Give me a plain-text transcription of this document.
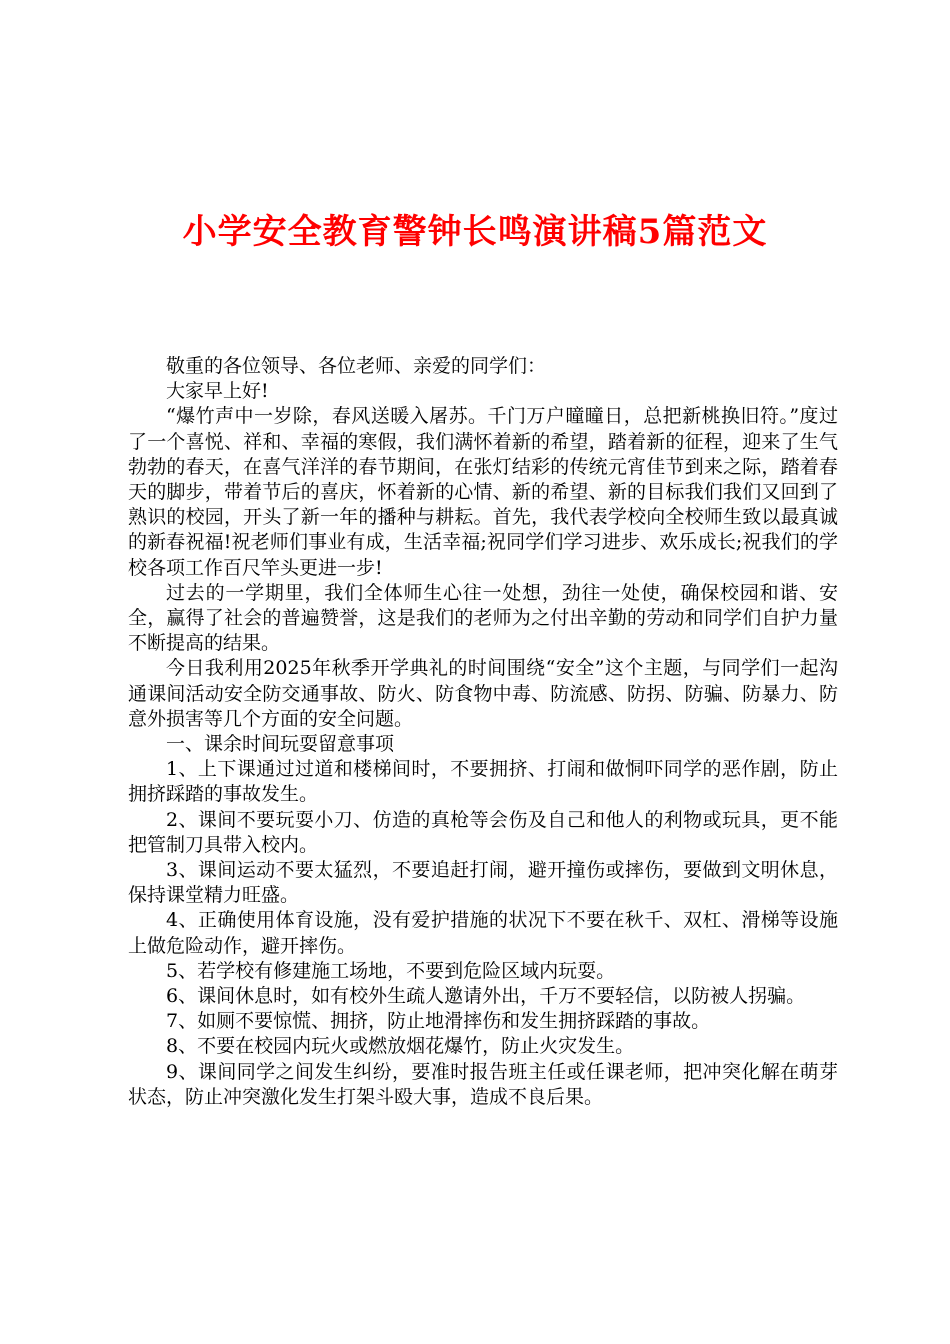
小学安全教育警钟长鸣演讲稿5篇范文

敬重的各位领导、各位老师、亲爱的同学们：

大家早上好!

“爆竹声中一岁除，春风送暖入屠苏。千门万户曈曈日，总把新桃换旧符。”度过了一个喜悦、祥和、幸福的寒假，我们满怀着新的希望，踏着新的征程，迎来了生气勃勃的春天，在喜气洋洋的春节期间，在张灯结彩的传统元宵佳节到来之际，踏着春天的脚步，带着节后的喜庆，怀着新的心情、新的希望、新的目标我们我们又回到了熟识的校园，开头了新一年的播种与耕耘。首先，我代表学校向全校师生致以最真诚的新春祝福!祝老师们事业有成，生活幸福;祝同学们学习进步、欢乐成长;祝我们的学校各项工作百尺竿头更进一步!

过去的一学期里，我们全体师生心往一处想，劲往一处使，确保校园和谐、安全，赢得了社会的普遍赞誉，这是我们的老师为之付出辛勤的劳动和同学们自护力量不断提高的结果。

今日我利用2025年秋季开学典礼的时间围绕“安全”这个主题，与同学们一起沟通课间活动安全防交通事故、防火、防食物中毒、防流感、防拐、防骗、防暴力、防意外损害等几个方面的安全问题。

一、课余时间玩耍留意事项

1、上下课通过过道和楼梯间时，不要拥挤、打闹和做恫吓同学的恶作剧，防止拥挤踩踏的事故发生。

2、课间不要玩耍小刀、仿造的真枪等会伤及自己和他人的利物或玩具，更不能把管制刀具带入校内。

3、课间运动不要太猛烈，不要追赶打闹，避开撞伤或摔伤，要做到文明休息，保持课堂精力旺盛。

4、正确使用体育设施，没有爱护措施的状况下不要在秋千、双杠、滑梯等设施上做危险动作，避开摔伤。

5、若学校有修建施工场地，不要到危险区域内玩耍。

6、课间休息时，如有校外生疏人邀请外出，千万不要轻信，以防被人拐骗。

7、如厕不要惊慌、拥挤，防止地滑摔伤和发生拥挤踩踏的事故。

8、不要在校园内玩火或燃放烟花爆竹，防止火灾发生。

9、课间同学之间发生纠纷，要准时报告班主任或任课老师，把冲突化解在萌芽状态，防止冲突激化发生打架斗殴大事，造成不良后果。
